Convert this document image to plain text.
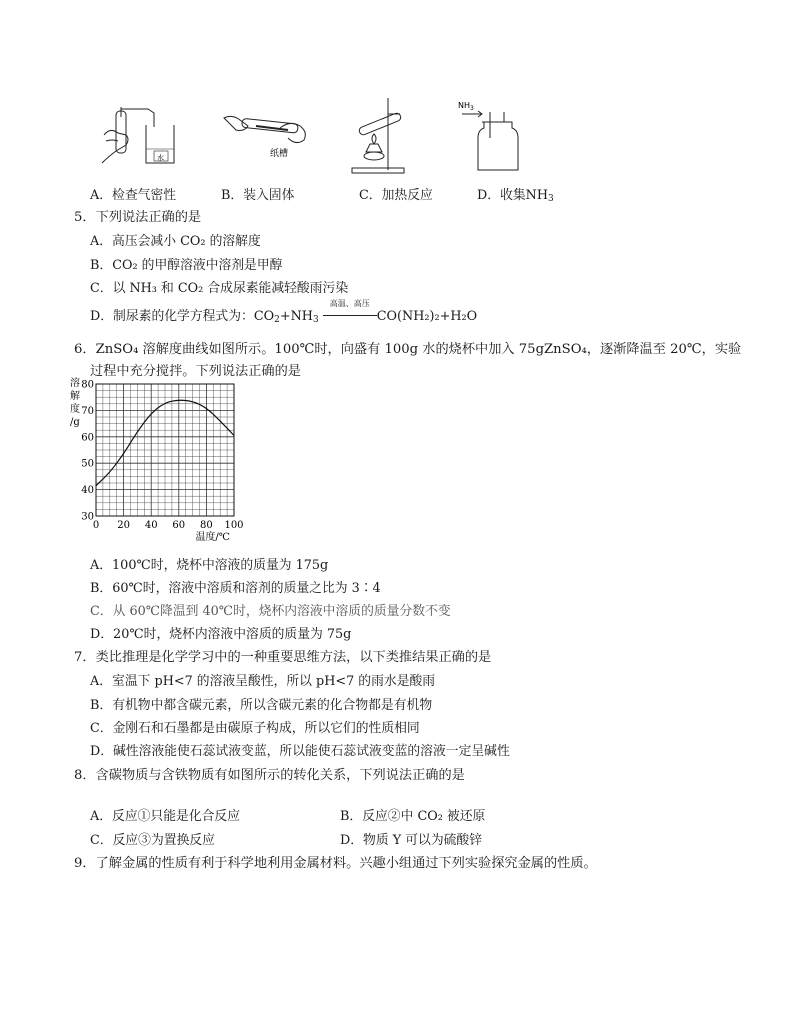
水	纸槽
$NH_3$
A．检查气密性	B．装入固体	C．加热反应	D．收集$NH_3$
5．下列说法正确的是
A．高压会减小 CO₂ 的溶解度
B．CO₂ 的甲醇溶液中溶剂是甲醇
C．以 NH₃ 和 CO₂ 合成尿素能减轻酸雨污染
D．制尿素的化学方程式为：$CO_2+NH_3$
高温、高压
CO(NH₂)₂+H₂O
6．ZnSO₄ 溶解度曲线如图所示。100℃时，向盛有 100g 水的烧杯中加入 75gZnSO₄，逐渐降温至 20℃，实验
过程中充分搅拌。下列说法正确的是
0 20 40 60 80 100
30
40
50
60
70
80
溶
解
度
/g
温度/℃
A．100℃时，烧杯中溶液的质量为 175g
B．60℃时，溶液中溶质和溶剂的质量之比为 3∶4
C．从 60℃降温到 40℃时，烧杯内溶液中溶质的质量分数不变
D．20℃时，烧杯内溶液中溶质的质量为 75g
7．类比推理是化学学习中的一种重要思维方法，以下类推结果正确的是
A．室温下 pH<7 的溶液呈酸性，所以 pH<7 的雨水是酸雨
B．有机物中都含碳元素，所以含碳元素的化合物都是有机物
C．金刚石和石墨都是由碳原子构成，所以它们的性质相同
D．碱性溶液能使石蕊试液变蓝，所以能使石蕊试液变蓝的溶液一定呈碱性
8．含碳物质与含铁物质有如图所示的转化关系，下列说法正确的是
A．反应①只能是化合反应	B．反应②中 CO₂ 被还原
C．反应③为置换反应	D．物质 Y 可以为硫酸锌
9．了解金属的性质有利于科学地利用金属材料。兴趣小组通过下列实验探究金属的性质。
